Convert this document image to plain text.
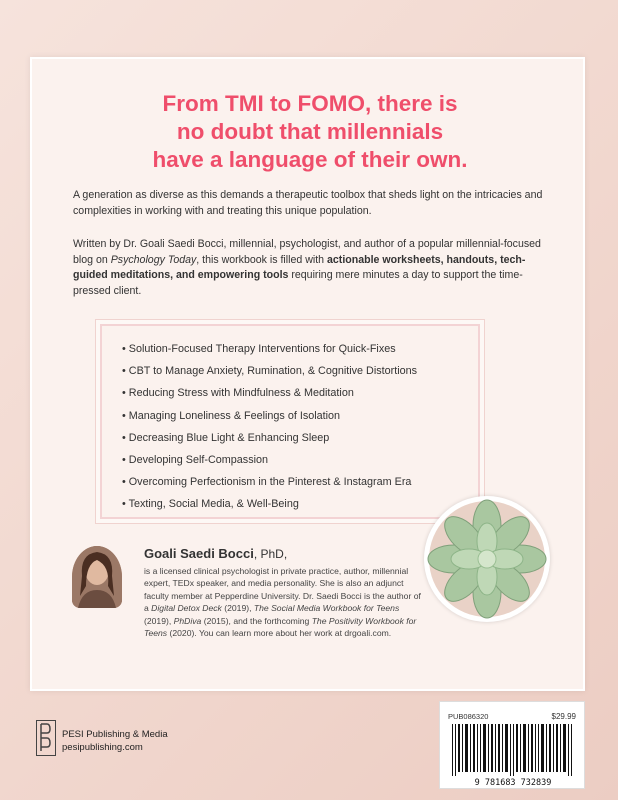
From TMI to FOMO, there is
no doubt that millennials
have a language of their own.

A generation as diverse as this demands a therapeutic toolbox that sheds light on the intricacies and complexities in working with and treating this unique population.

Written by Dr. Goali Saedi Bocci, millennial, psychologist, and author of a popular millennial-focused blog on Psychology Today, this workbook is filled with actionable worksheets, handouts, tech-guided meditations, and empowering tools requiring mere minutes a day to support the time-pressed client.

• Solution-Focused Therapy Interventions for Quick-Fixes
• CBT to Manage Anxiety, Rumination, & Cognitive Distortions
• Reducing Stress with Mindfulness & Meditation
• Managing Loneliness & Feelings of Isolation
• Decreasing Blue Light & Enhancing Sleep
• Developing Self-Compassion
• Overcoming Perfectionism in the Pinterest & Instagram Era
• Texting, Social Media, & Well-Being
Goali Saedi Bocci, PhD,

is a licensed clinical psychologist in private practice, author, millennial expert, TEDx speaker, and media personality. She is also an adjunct faculty member at Pepperdine University. Dr. Saedi Bocci is the author of a Digital Detox Deck (2019), The Social Media Workbook for Teens (2019), PhDiva (2015), and the forthcoming The Positivity Workbook for Teens (2020). You can learn more about her work at drgoali.com.

PESI Publishing & Media
pesipublishing.com
PUB086320	$29.99
9 781683 732839
